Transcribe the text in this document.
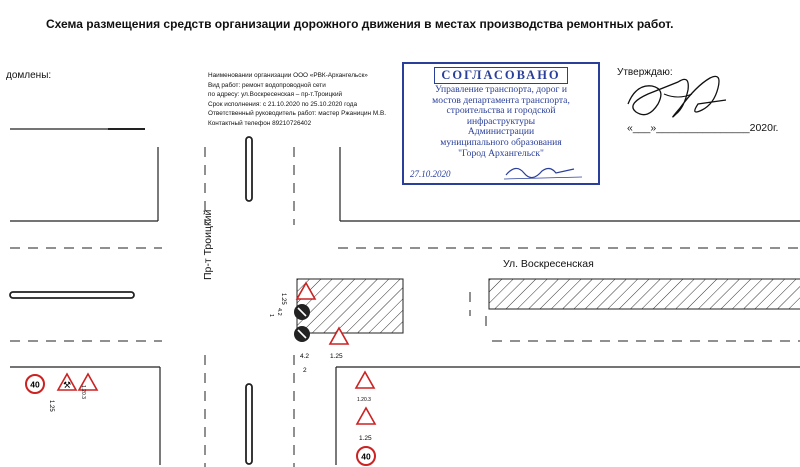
Схема размещения средств организации дорожного движения в местах производства ремонтных работ.
домлены:	Наименовании организации ООО «РВК-Архангельск»
Вид работ: ремонт водопроводной сети
по адресу: ул.Воскресенская – пр-т.Троицкий
Срок исполнения: с 21.10.2020 по 25.10.2020 года
Ответственный руководитель работ: мастер Ржаницин М.В.
Контактный телефон 89210726402
СОГЛАСОВАНО
Управление транспорта, дорог и
мостов департамента транспорта,
строительства и городской
инфраструктуры
Администрации
муниципального образования
"Город Архангельск"
27.10.2020
Утверждаю:
«___»________________2020г.
Ул. Воскресенская
Пр-т Троицкий
40	⚒
1.25
1.20.3
1.25
4.2
1
4.2
2
1.25
1.20.3
1.25
40
